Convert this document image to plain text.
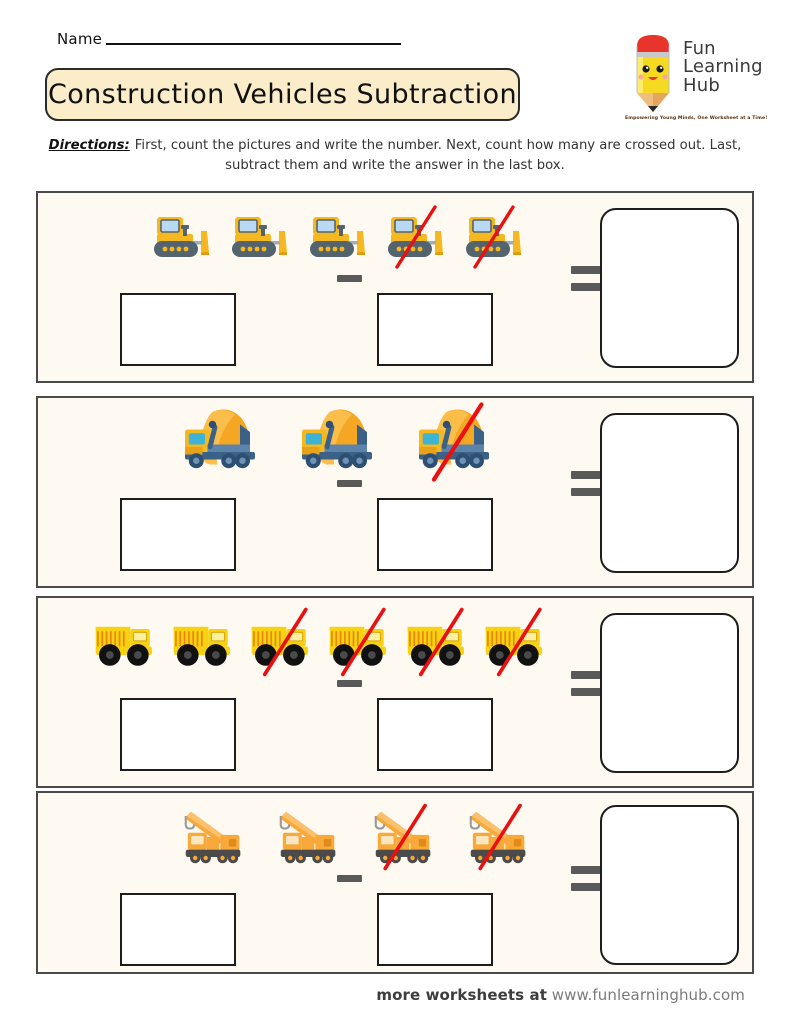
Name
Construction Vehicles Subtraction
Fun
Learning
Hub
Empowering Young Minds, One Worksheet at a Time!
Directions: First, count the pictures and write the number. Next, count how many are crossed out. Last, subtract them and write the answer in the last box.
more worksheets at www.funlearninghub.com
